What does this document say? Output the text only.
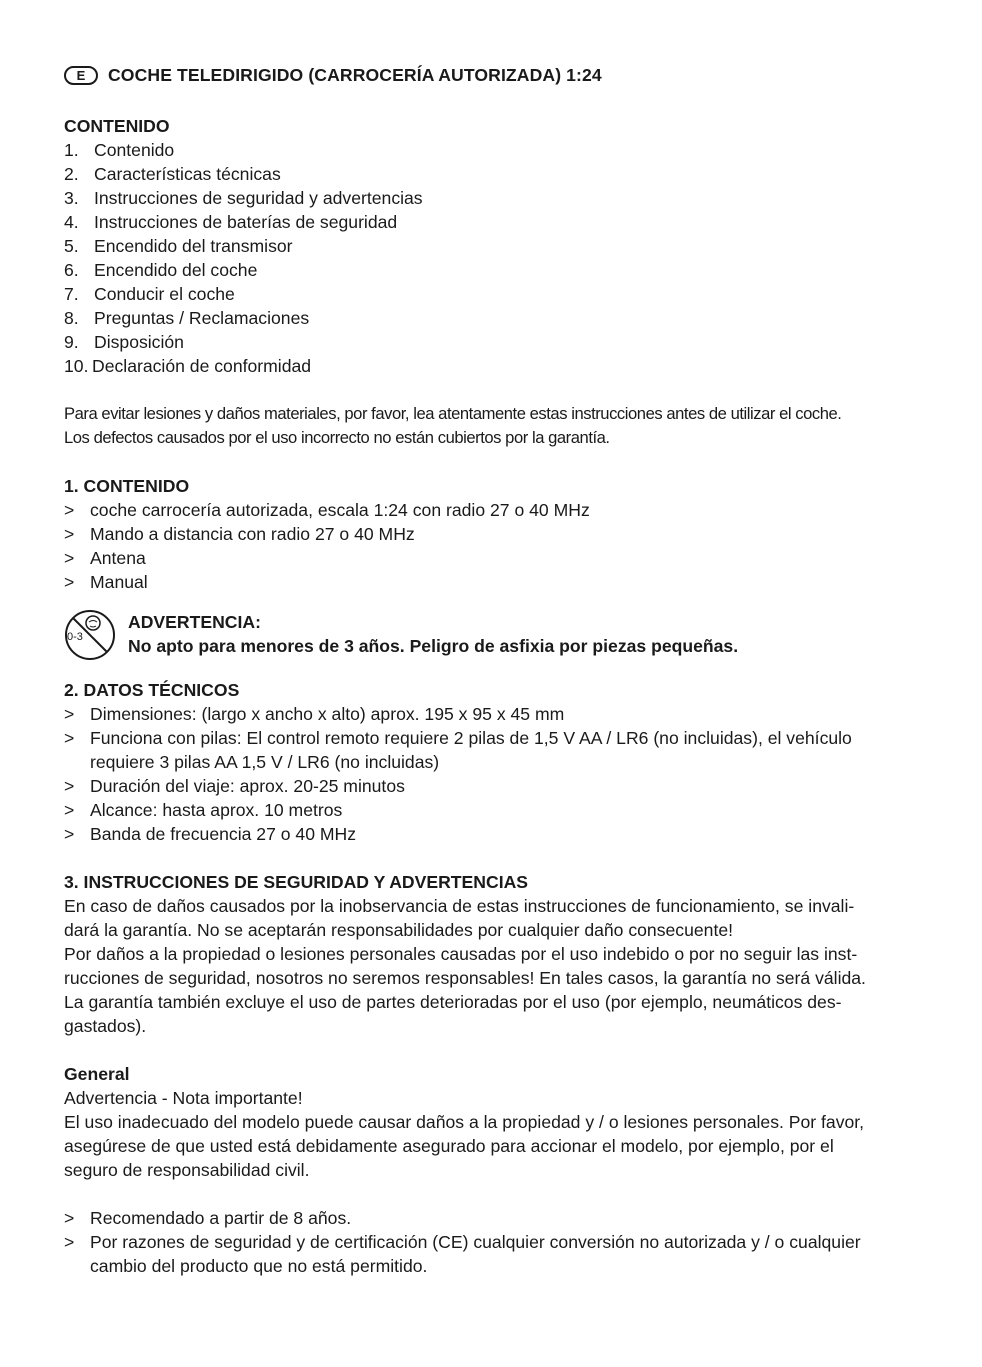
E	COCHE TELEDIRIGIDO (CARROCERÍA AUTORIZADA) 1:24
CONTENIDO
1. Contenido
2. Características técnicas
3. Instrucciones de seguridad y advertencias
4. Instrucciones de baterías de seguridad
5. Encendido del transmisor
6. Encendido del coche
7. Conducir el coche
8. Preguntas / Reclamaciones
9. Disposición
10. Declaración de conformidad

Para evitar lesiones y daños materiales, por favor, lea atentamente estas instrucciones antes de utilizar el coche.

Los defectos causados por el uso incorrecto no están cubiertos por la garantía.

1. CONTENIDO
> coche carrocería autorizada, escala 1:24 con radio 27 o 40 MHz
> Mando a distancia con radio 27 o 40 MHz
> Antena
> Manual
0-3

ADVERTENCIA:

No apto para menores de 3 años. Peligro de asfixia por piezas pequeñas.

2. DATOS TÉCNICOS
> Dimensiones: (largo x ancho x alto) aprox. 195 x 95 x 45 mm
> Funciona con pilas: El control remoto requiere 2 pilas de 1,5 V AA / LR6 (no incluidas), el vehículo
requiere 3 pilas AA 1,5 V / LR6 (no incluidas)
> Duración del viaje: aprox. 20-25 minutos
> Alcance: hasta aprox. 10 metros
> Banda de frecuencia 27 o 40 MHz
3. INSTRUCCIONES DE SEGURIDAD Y ADVERTENCIAS

En caso de daños causados por la inobservancia de estas instrucciones de funcionamiento, se invali-

dará la garantía. No se aceptarán responsabilidades por cualquier daño consecuente!

Por daños a la propiedad o lesiones personales causadas por el uso indebido o por no seguir las inst-

rucciones de seguridad, nosotros no seremos responsables! En tales casos, la garantía no será válida.

La garantía también excluye el uso de partes deterioradas por el uso (por ejemplo, neumáticos des-

gastados).

General

Advertencia - Nota importante!

El uso inadecuado del modelo puede causar daños a la propiedad y / o lesiones personales. Por favor,

asegúrese de que usted está debidamente asegurado para accionar el modelo, por ejemplo, por el

seguro de responsabilidad civil.

> Recomendado a partir de 8 años.
> Por razones de seguridad y de certificación (CE) cualquier conversión no autorizada y / o cualquier
cambio del producto que no está permitido.
